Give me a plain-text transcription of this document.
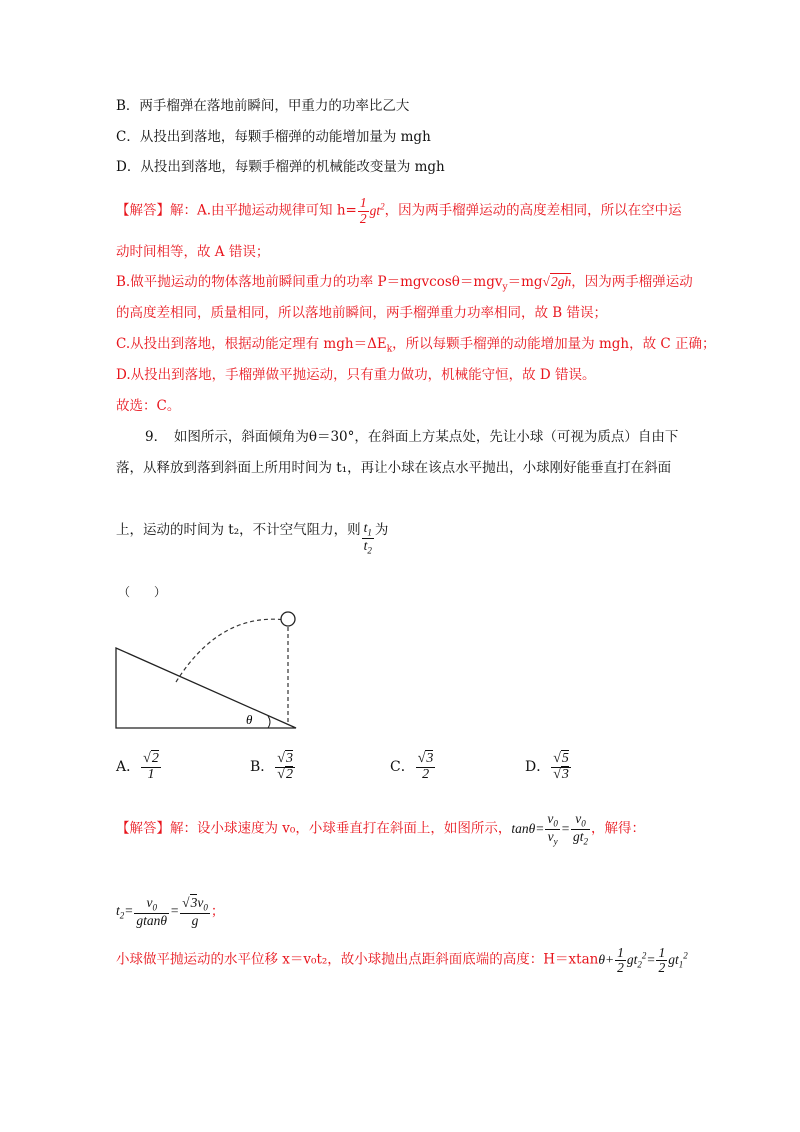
B．两手榴弹在落地前瞬间，甲重力的功率比乙大
C．从投出到落地，每颗手榴弹的动能增加量为 mgh
D．从投出到落地，每颗手榴弹的机械能改变量为 mgh
【解答】解：A.由平抛运动规律可知 $h= \frac{1}{2} gt^2$，因为两手榴弹运动的高度差相同，所以在空中运
动时间相等，故 A 错误；
B.做平抛运动的物体落地前瞬间重力的功率 P＝mgvcosθ＝mgv$_y$＝mg√2gh，因为两手榴弹运动
的高度差相同，质量相同，所以落地前瞬间，两手榴弹重力功率相同，故 B 错误；
C.从投出到落地，根据动能定理有 $mgh=\Delta E_k$，所以每颗手榴弹的动能增加量为 mgh，故 C 正确；
D.从投出到落地，手榴弹做平抛运动，只有重力做功，机械能守恒，故 D 错误。
故选：C。
9．　如图所示，斜面倾角为θ＝30°，在斜面上方某点处，先让小球（可视为质点）自由下
落，从释放到落到斜面上所用时间为 t₁，再让小球在该点水平抛出，小球刚好能垂直打在斜面
上，运动的时间为 t₂，不计空气阻力，则 $\frac{t_1}{t_2}$ 为
（　　）
θ
A． $\frac{√2}{1}$	B． $\frac{√3}{√2}$	C． $\frac{√3}{2}$	D． $\frac{√5}{√3}$
【解答】解：设小球速度为 v₀，小球垂直打在斜面上，如图所示，$\tan\theta= \frac{v_0}{v_y} = \frac{v_0}{gt_2}$ ，解得：
$t_2= \frac{v_0}{gtan\theta} = \frac{√3v_0}{g}$ ；
小球做平抛运动的水平位移 x＝v₀t₂，故小球抛出点距斜面底端的高度：$H=xtan\theta+ \frac{1}{2} gt_2^2= \frac{1}{2} gt_1^2$
